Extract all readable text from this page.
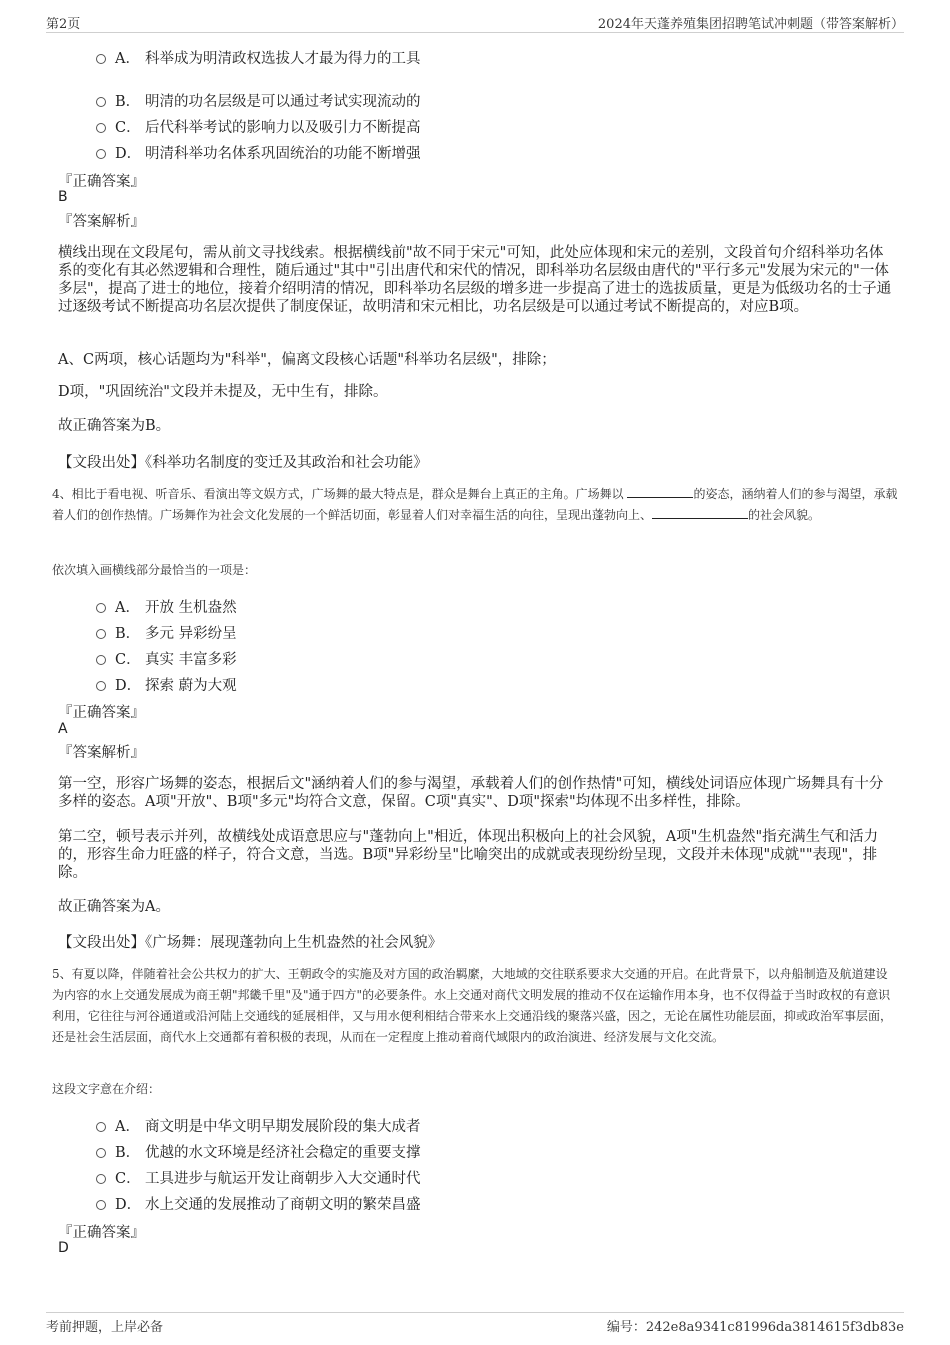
第2页	2024年天蓬养殖集团招聘笔试冲刺题（带答案解析）
A． 科举成为明清政权选拔人才最为得力的工具
B． 明清的功名层级是可以通过考试实现流动的
C． 后代科举考试的影响力以及吸引力不断提高
D． 明清科举功名体系巩固统治的功能不断增强
『正确答案』
B
『答案解析』
横线出现在文段尾句，需从前文寻找线索。根据横线前"故不同于宋元"可知，此处应体现和宋元的差别，文段首句介绍科举功名体系的变化有其必然逻辑和合理性，随后通过"其中"引出唐代和宋代的情况，即科举功名层级由唐代的"平行多元"发展为宋元的"一体多层"，提高了进士的地位，接着介绍明清的情况，即科举功名层级的增多进一步提高了进士的选拔质量，更是为低级功名的士子通过逐级考试不断提高功名层次提供了制度保证，故明清和宋元相比，功名层级是可以通过考试不断提高的，对应B项。
A、C两项，核心话题均为"科举"，偏离文段核心话题"科举功名层级"，排除；
D项，"巩固统治"文段并未提及，无中生有，排除。
故正确答案为B。
【文段出处】《科举功名制度的变迁及其政治和社会功能》
4、相比于看电视、听音乐、看演出等文娱方式，广场舞的最大特点是，群众是舞台上真正的主角。广场舞以	的姿态，涵纳着人们的参与渴望，承载着人们的创作热情。广场舞作为社会文化发展的一个鲜活切面，彰显着人们对幸福生活的向往，呈现出蓬勃向上、	的社会风貌。
依次填入画横线部分最恰当的一项是：
A． 开放 生机盎然
B． 多元 异彩纷呈
C． 真实 丰富多彩
D． 探索 蔚为大观
『正确答案』
A
『答案解析』
第一空，形容广场舞的姿态，根据后文"涵纳着人们的参与渴望，承载着人们的创作热情"可知，横线处词语应体现广场舞具有十分多样的姿态。A项"开放"、B项"多元"均符合文意，保留。C项"真实"、D项"探索"均体现不出多样性，排除。
第二空，顿号表示并列，故横线处成语意思应与"蓬勃向上"相近，体现出积极向上的社会风貌，A项"生机盎然"指充满生气和活力的，形容生命力旺盛的样子，符合文意，当选。B项"异彩纷呈"比喻突出的成就或表现纷纷呈现，文段并未体现"成就""表现"，排除。
故正确答案为A。
【文段出处】《广场舞：展现蓬勃向上生机盎然的社会风貌》
5、有夏以降，伴随着社会公共权力的扩大、王朝政令的实施及对方国的政治羁縻，大地域的交往联系要求大交通的开启。在此背景下，以舟船制造及航道建设为内容的水上交通发展成为商王朝"邦畿千里"及"通于四方"的必要条件。水上交通对商代文明发展的推动不仅在运输作用本身，也不仅得益于当时政权的有意识利用，它往往与河谷通道或沿河陆上交通线的延展相伴，又与用水便利相结合带来水上交通沿线的聚落兴盛，因之，无论在属性功能层面，抑或政治军事层面，还是社会生活层面，商代水上交通都有着积极的表现，从而在一定程度上推动着商代域限内的政治演进、经济发展与文化交流。
这段文字意在介绍：
A． 商文明是中华文明早期发展阶段的集大成者
B． 优越的水文环境是经济社会稳定的重要支撑
C． 工具进步与航运开发让商朝步入大交通时代
D． 水上交通的发展推动了商朝文明的繁荣昌盛
『正确答案』
D
考前押题，上岸必备	编号：242e8a9341c81996da3814615f3db83e
